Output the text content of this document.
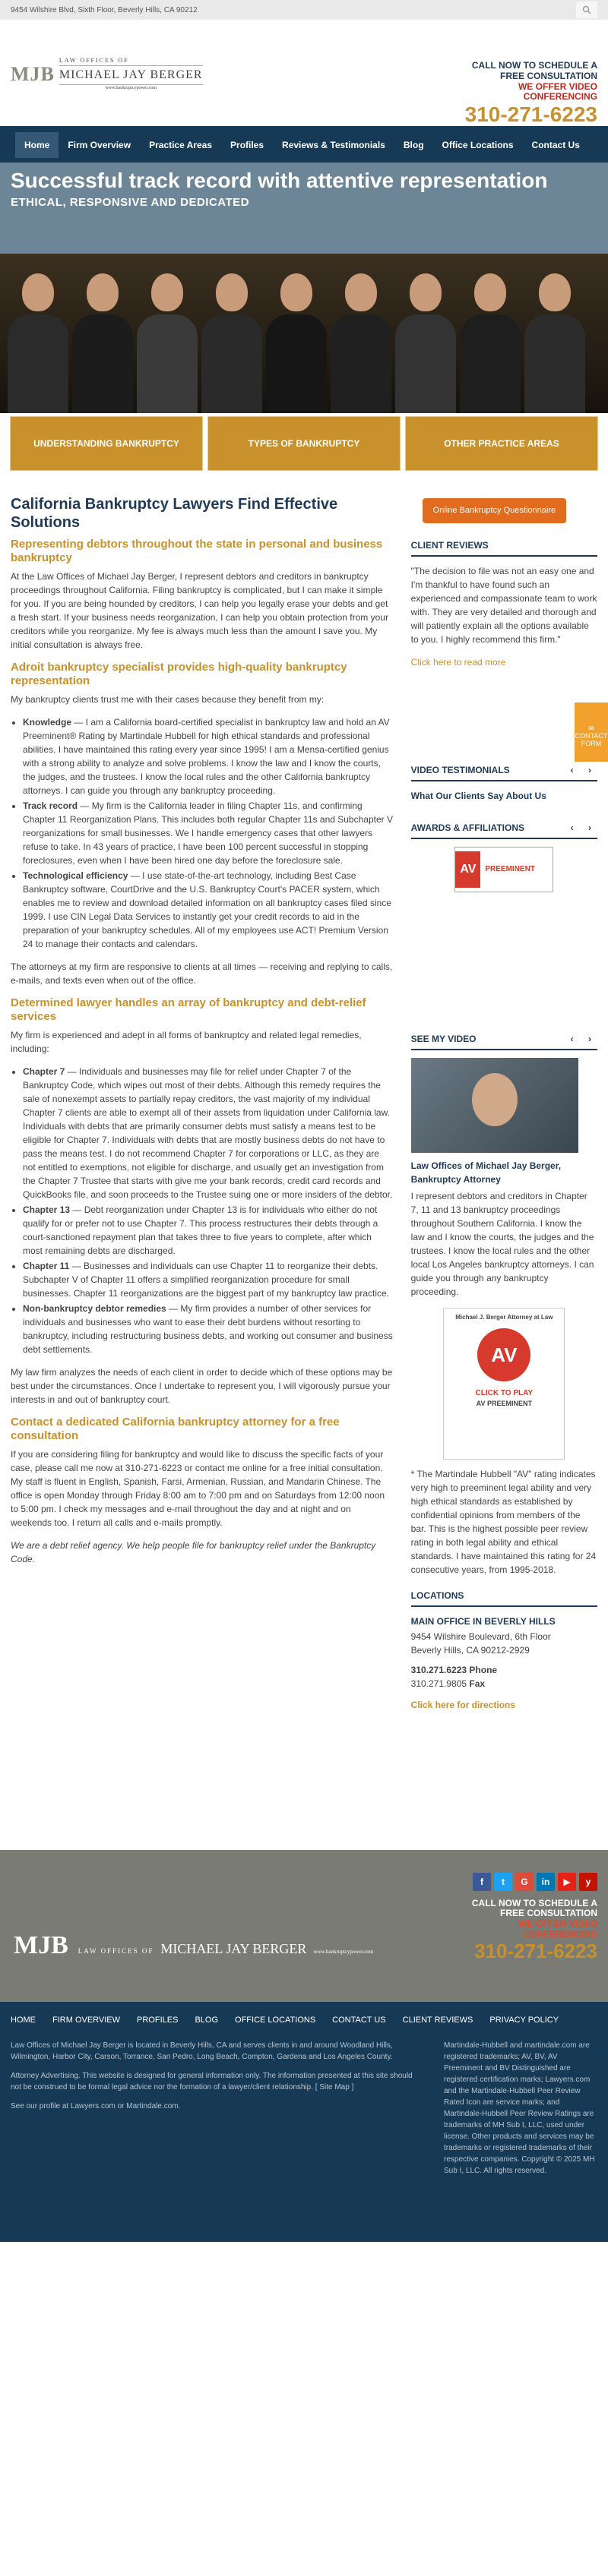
9454 Wilshire Blvd, Sixth Floor, Beverly Hills, CA 90212
MJB
LAW OFFICES OF
MICHAEL JAY BERGER
www.bankruptcypower.com
CALL NOW TO SCHEDULE A
FREE CONSULTATION
WE OFFER VIDEO
CONFERENCING
310-271-6223
Home	Firm Overview	Practice Areas	Profiles	Reviews & Testimonials	Blog	Office Locations	Contact Us
Successful track record with attentive representation
ETHICAL, RESPONSIVE AND DEDICATED
UNDERSTANDING BANKRUPTCY	TYPES OF BANKRUPTCY	OTHER PRACTICE AREAS
California Bankruptcy Lawyers Find Effective Solutions
Representing debtors throughout the state in personal and business bankruptcy

At the Law Offices of Michael Jay Berger, I represent debtors and creditors in bankruptcy proceedings throughout California. Filing bankruptcy is complicated, but I can make it simple for you. If you are being hounded by creditors, I can help you legally erase your debts and get a fresh start. If your business needs reorganization, I can help you obtain protection from your creditors while you reorganize. My fee is always much less than the amount I save you. My initial consultation is always free.

Adroit bankruptcy specialist provides high-quality bankruptcy representation

My bankruptcy clients trust me with their cases because they benefit from my:

• Knowledge — I am a California board-certified specialist in bankruptcy law and hold an AV Preeminent® Rating by Martindale Hubbell for high ethical standards and professional abilities. I have maintained this rating every year since 1995! I am a Mensa-certified genius with a strong ability to analyze and solve problems. I know the law and I know the courts, the judges, and the trustees. I know the local rules and the other California bankruptcy attorneys. I can guide you through any bankruptcy proceeding.
• Track record — My firm is the California leader in filing Chapter 11s, and confirming Chapter 11 Reorganization Plans. This includes both regular Chapter 11s and Subchapter V reorganizations for small businesses. We I handle emergency cases that other lawyers refuse to take. In 43 years of practice, I have been 100 percent successful in stopping foreclosures, even when I have been hired one day before the foreclosure sale.
• Technological efficiency — I use state-of-the-art technology, including Best Case Bankruptcy software, CourtDrive and the U.S. Bankruptcy Court's PACER system, which enables me to review and download detailed information on all bankruptcy cases filed since 1999. I use CIN Legal Data Services to instantly get your credit records to aid in the preparation of your bankruptcy schedules. All of my employees use ACT! Premium Version 24 to manage their contacts and calendars.

The attorneys at my firm are responsive to clients at all times — receiving and replying to calls, e-mails, and texts even when out of the office.

Determined lawyer handles an array of bankruptcy and debt-relief services

My firm is experienced and adept in all forms of bankruptcy and related legal remedies, including:

• Chapter 7 — Individuals and businesses may file for relief under Chapter 7 of the Bankruptcy Code, which wipes out most of their debts. Although this remedy requires the sale of nonexempt assets to partially repay creditors, the vast majority of my individual Chapter 7 clients are able to exempt all of their assets from liquidation under California law. Individuals with debts that are primarily consumer debts must satisfy a means test to be eligible for Chapter 7. Individuals with debts that are mostly business debts do not have to pass the means test. I do not recommend Chapter 7 for corporations or LLC, as they are not entitled to exemptions, not eligible for discharge, and usually get an investigation from the Chapter 7 Trustee that starts with give me your bank records, credit card records and QuickBooks file, and soon proceeds to the Trustee suing one or more insiders of the debtor.
• Chapter 13 — Debt reorganization under Chapter 13 is for individuals who either do not qualify for or prefer not to use Chapter 7. This process restructures their debts through a court-sanctioned repayment plan that takes three to five years to complete, after which most remaining debts are discharged.
• Chapter 11 — Businesses and individuals can use Chapter 11 to reorganize their debts. Subchapter V of Chapter 11 offers a simplified reorganization procedure for small businesses. Chapter 11 reorganizations are the biggest part of my bankruptcy law practice.
• Non-bankruptcy debtor remedies — My firm provides a number of other services for individuals and businesses who want to ease their debt burdens without resorting to bankruptcy, including restructuring business debts, and working out consumer and business debt settlements.

My law firm analyzes the needs of each client in order to decide which of these options may be best under the circumstances. Once I undertake to represent you, I will vigorously pursue your interests in and out of bankruptcy court.

Contact a dedicated California bankruptcy attorney for a free consultation

If you are considering filing for bankruptcy and would like to discuss the specific facts of your case, please call me now at 310-271-6223 or contact me online for a free initial consultation. My staff is fluent in English, Spanish, Farsi, Armenian, Russian, and Mandarin Chinese. The office is open Monday through Friday 8:00 am to 7:00 pm and on Saturdays from 12:00 noon to 5:00 pm. I check my messages and e-mail throughout the day and at night and on weekends too. I return all calls and e-mails promptly.

We are a debt relief agency. We help people file for bankruptcy relief under the Bankruptcy Code.

Online Bankruptcy Questionnaire
CLIENT REVIEWS

"The decision to file was not an easy one and I'm thankful to have found such an experienced and compassionate team to work with. They are very detailed and thorough and will patiently explain all the options available to you. I highly recommend this firm."

Click here to read more

VIDEO TESTIMONIALS	‹ ›

What Our Clients Say About Us

AWARDS & AFFILIATIONS	‹ ›
AV	PREEMINENT
SEE MY VIDEO	‹ ›

Law Offices of Michael Jay Berger, Bankruptcy Attorney

I represent debtors and creditors in Chapter 7, 11 and 13 bankruptcy proceedings throughout Southern California. I know the law and I know the courts, the judges and the trustees. I know the local rules and the other local Los Angeles bankruptcy attorneys. I can guide you through any bankruptcy proceeding.

Michael J. Berger Attorney at Law
AV
CLICK TO PLAY
AV PREEMINENT

* The Martindale Hubbell "AV" rating indicates very high to preeminent legal ability and very high ethical standards as established by confidential opinions from members of the bar. This is the highest possible peer review rating in both legal ability and ethical standards. I have maintained this rating for 24 consecutive years, from 1995-2018.

LOCATIONS

MAIN OFFICE IN BEVERLY HILLS

9454 Wilshire Boulevard, 6th Floor
Beverly Hills, CA 90212-2929
310.271.6223 Phone
310.271.9805 Fax

Click here for directions

✉
CONTACT FORM
f	t	G	in	▶	y
MJB LAW OFFICES OF MICHAEL JAY BERGER www.bankruptcypower.com
CALL NOW TO SCHEDULE A
FREE CONSULTATION
WE OFFER VIDEO
CONFERENCING
310-271-6223
HOME FIRM OVERVIEW PROFILES BLOG OFFICE LOCATIONS CONTACT US CLIENT REVIEWS PRIVACY POLICY

Law Offices of Michael Jay Berger is located in Beverly Hills, CA and serves clients in and around Woodland Hills, Wilmington, Harbor City, Carson, Torrance, San Pedro, Long Beach, Compton, Gardena and Los Angeles County.

Attorney Advertising. This website is designed for general information only. The information presented at this site should not be construed to be formal legal advice nor the formation of a lawyer/client relationship. [ Site Map ]

See our profile at Lawyers.com or Martindale.com.

Martindale-Hubbell and martindale.com are registered trademarks; AV, BV, AV Preeminent and BV Distinguished are registered certification marks; Lawyers.com and the Martindale-Hubbell Peer Review Rated Icon are service marks; and Martindale-Hubbell Peer Review Ratings are trademarks of MH Sub I, LLC, used under license. Other products and services may be trademarks or registered trademarks of their respective companies. Copyright © 2025 MH Sub I, LLC. All rights reserved.
